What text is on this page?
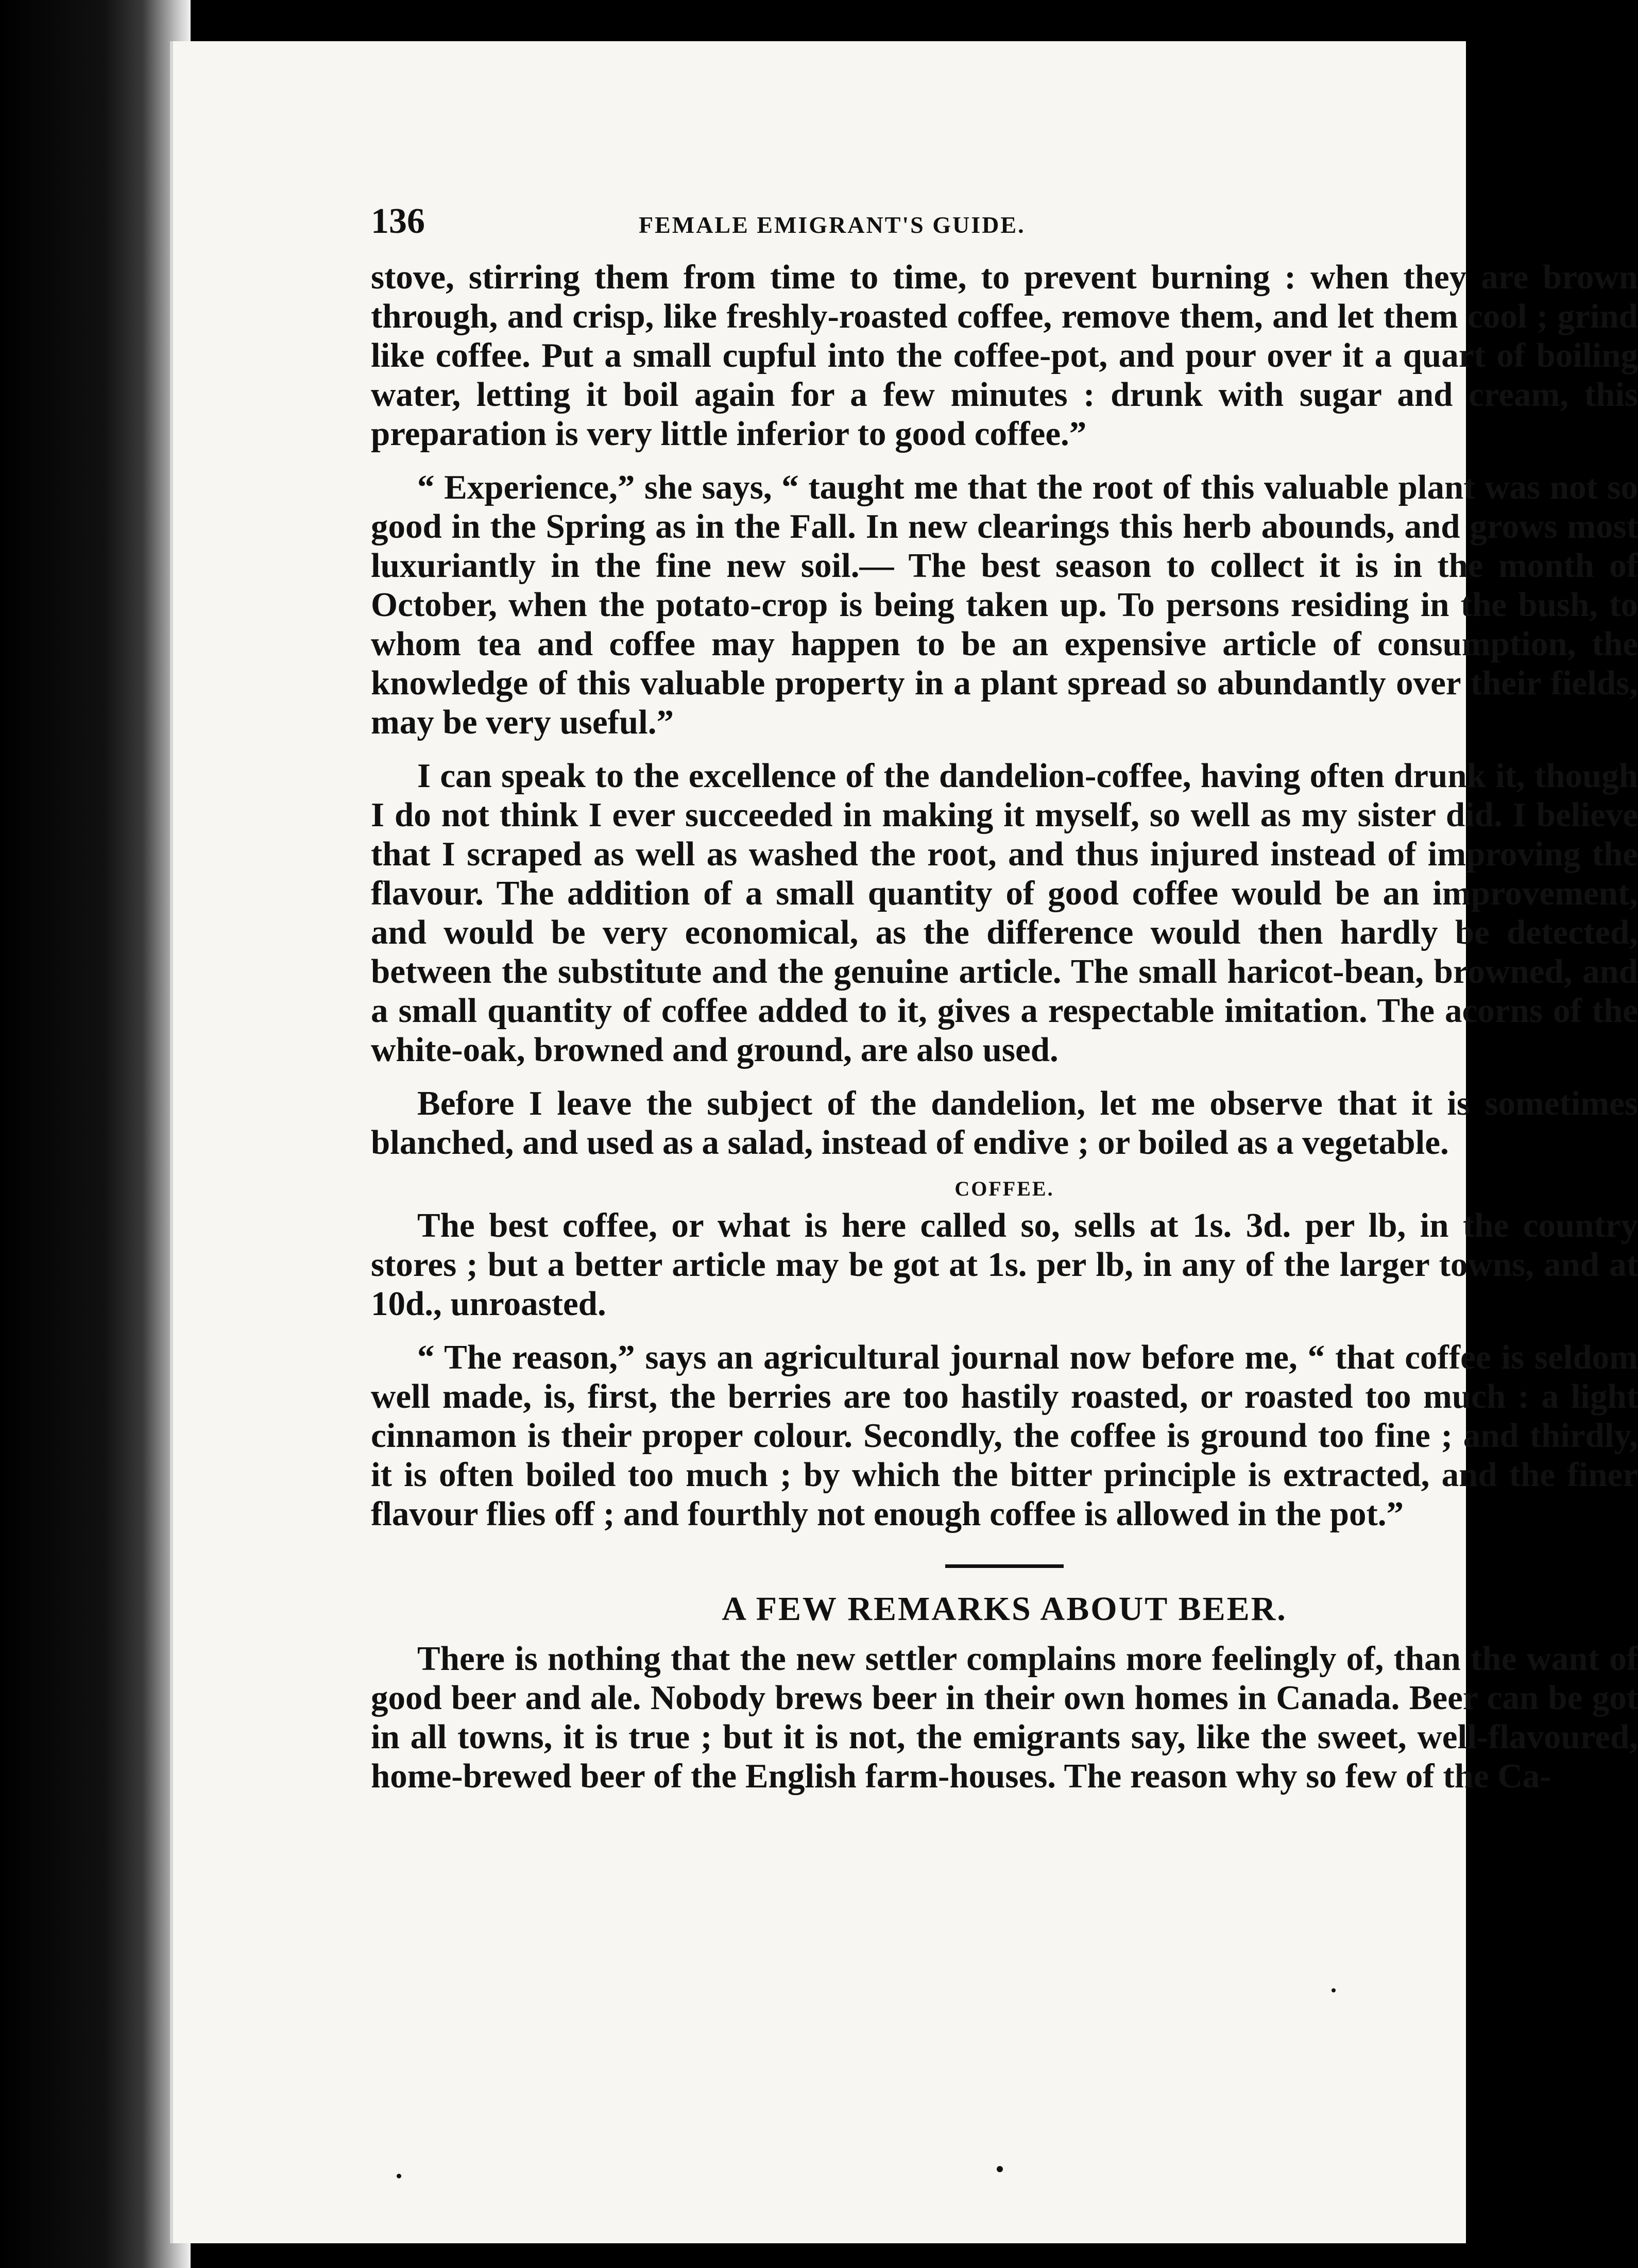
136	FEMALE EMIGRANT'S GUIDE.

stove, stirring them from time to time, to prevent burning : when they are brown through, and crisp, like freshly-roasted coffee, remove them, and let them cool ; grind like coffee. Put a small cupful into the coffee-pot, and pour over it a quart of boiling water, letting it boil again for a few minutes : drunk with sugar and cream, this preparation is very little inferior to good coffee.”

“ Experience,” she says, “ taught me that the root of this valuable plant was not so good in the Spring as in the Fall. In new clearings this herb abounds, and grows most luxuriantly in the fine new soil.— The best season to collect it is in the month of October, when the potato-crop is being taken up. To persons residing in the bush, to whom tea and coffee may happen to be an expensive article of consumption, the knowledge of this valuable property in a plant spread so abundantly over their fields, may be very useful.”

I can speak to the excellence of the dandelion-coffee, having often drunk it, though I do not think I ever succeeded in making it myself, so well as my sister did. I believe that I scraped as well as washed the root, and thus injured instead of improving the flavour. The addition of a small quantity of good coffee would be an improvement, and would be very economical, as the difference would then hardly be detected, between the substitute and the genuine article. The small haricot-bean, browned, and a small quantity of coffee added to it, gives a respectable imitation. The acorns of the white-oak, browned and ground, are also used.

Before I leave the subject of the dandelion, let me observe that it is sometimes blanched, and used as a salad, instead of endive ; or boiled as a vegetable.

COFFEE.

The best coffee, or what is here called so, sells at 1s. 3d. per lb, in the country stores ; but a better article may be got at 1s. per lb, in any of the larger towns, and at 10d., unroasted.

“ The reason,” says an agricultural journal now before me, “ that coffee is seldom well made, is, first, the berries are too hastily roasted, or roasted too much : a light cinnamon is their proper colour. Secondly, the coffee is ground too fine ; and thirdly, it is often boiled too much ; by which the bitter principle is extracted, and the finer flavour flies off ; and fourthly not enough coffee is allowed in the pot.”

A FEW REMARKS ABOUT BEER.

There is nothing that the new settler complains more feelingly of, than the want of good beer and ale. Nobody brews beer in their own homes in Canada. Beer can be got in all towns, it is true ; but it is not, the emigrants say, like the sweet, well-flavoured, home-brewed beer of the English farm-houses. The reason why so few of the Ca-
